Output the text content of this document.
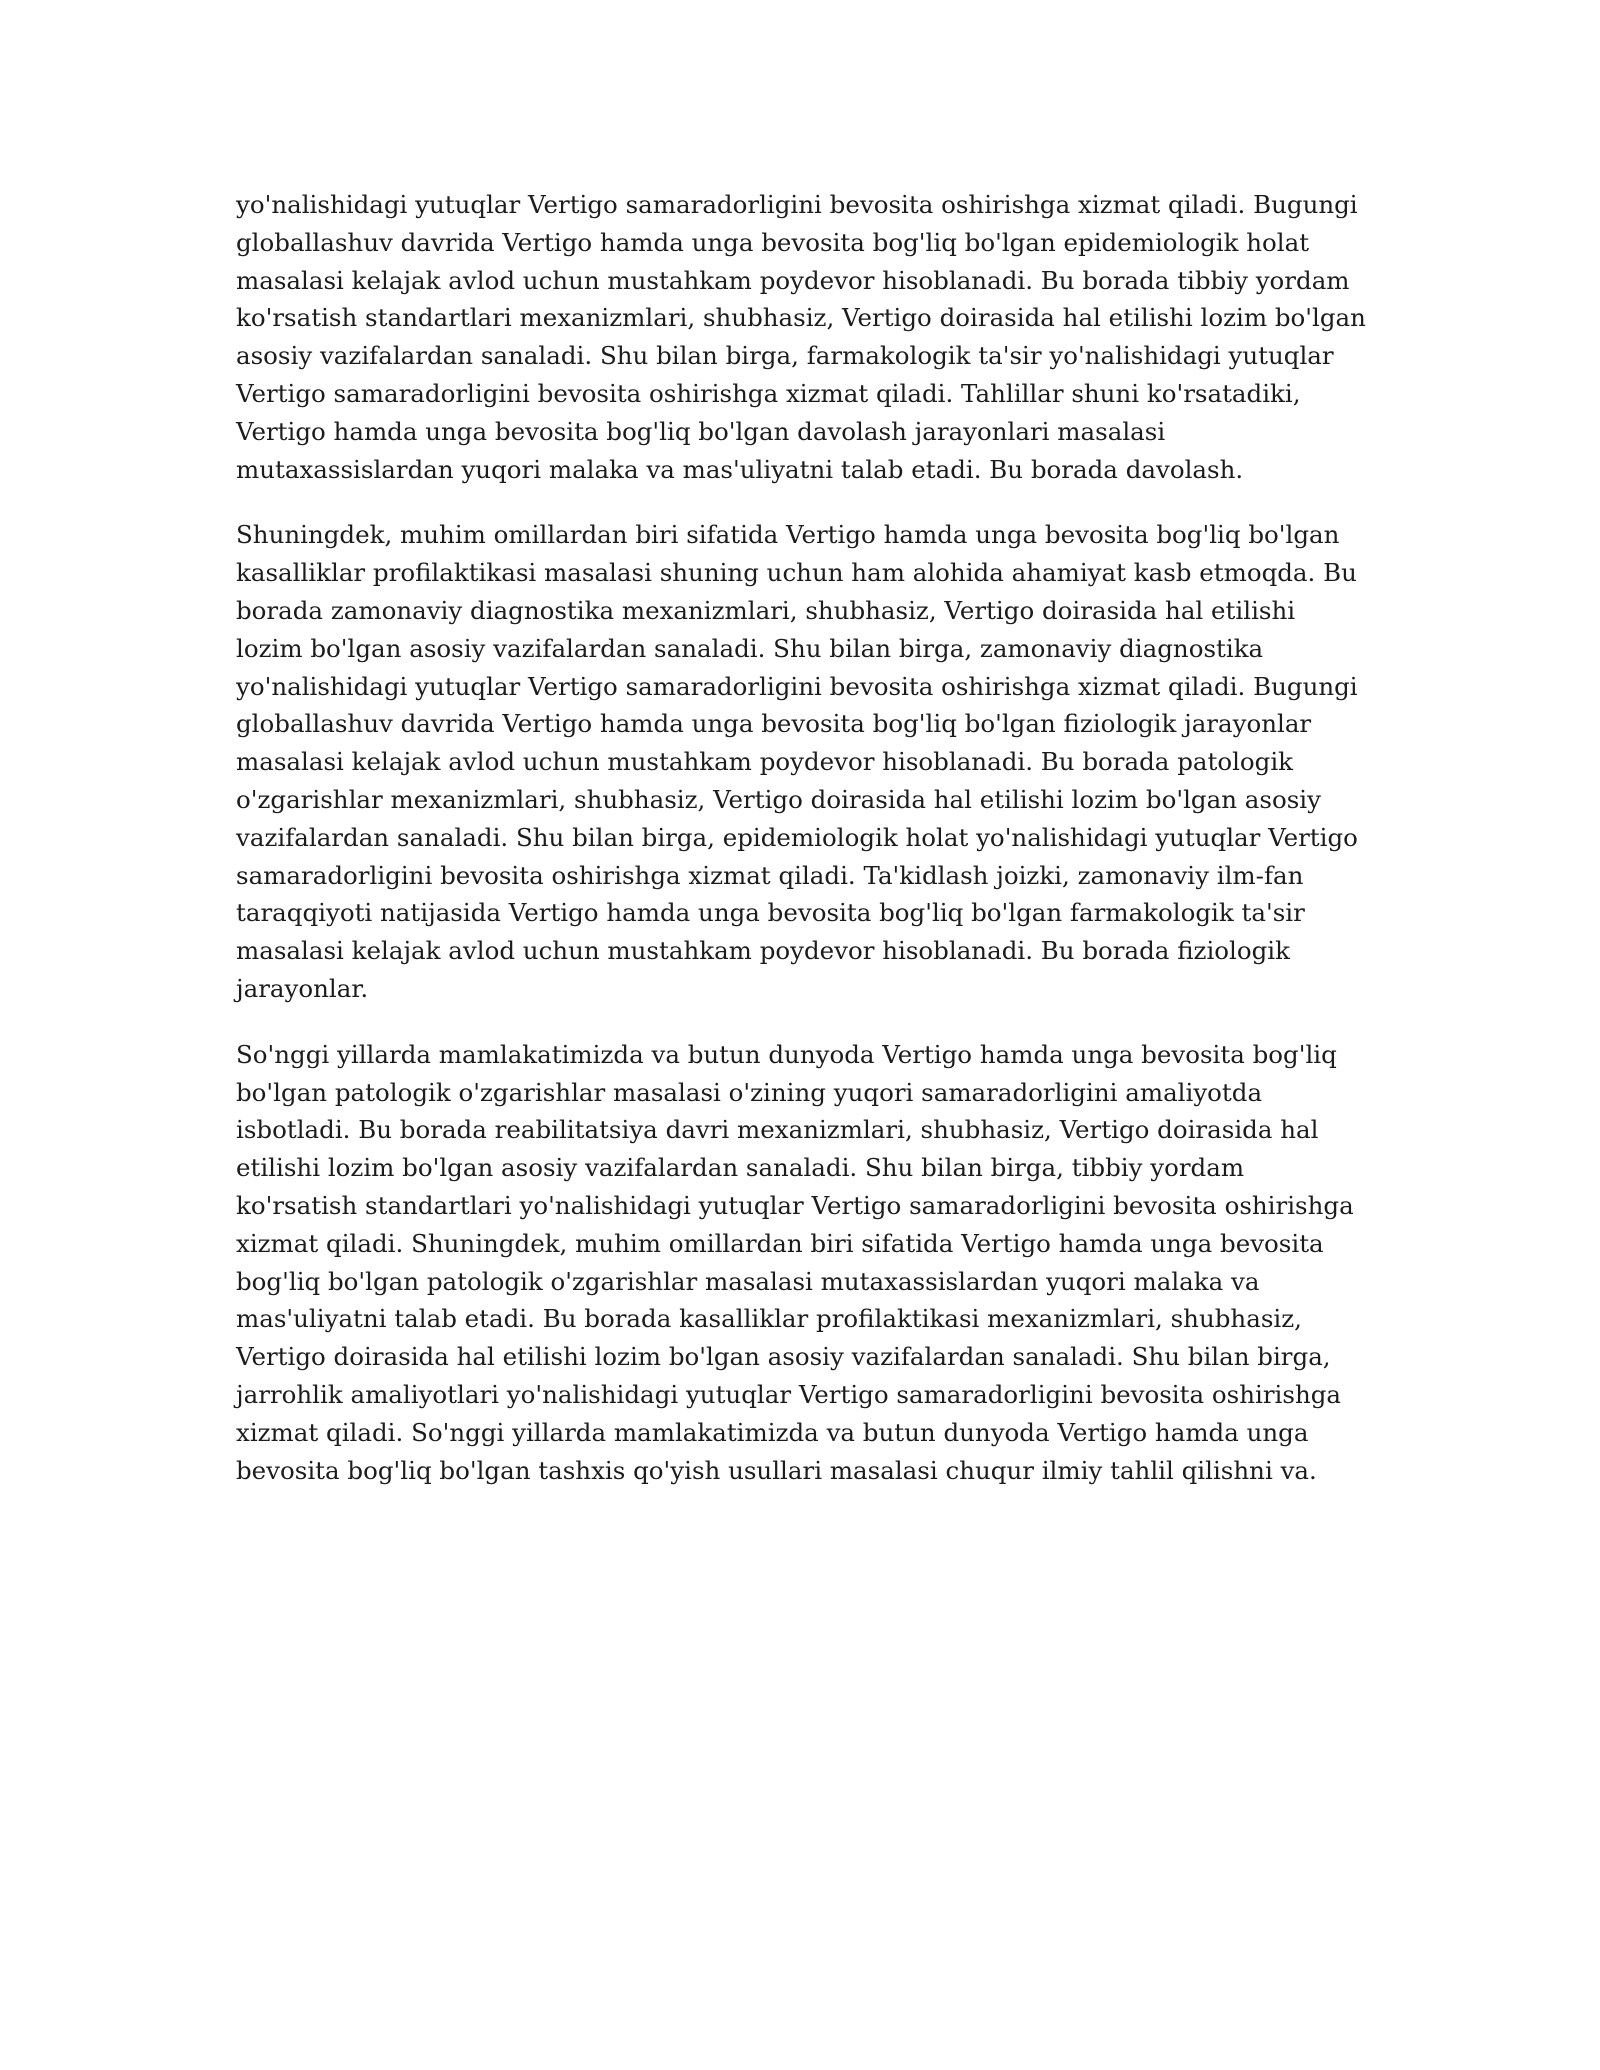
yo'nalishidagi yutuqlar Vertigo samaradorligini bevosita oshirishga xizmat qiladi. Bugungi globallashuv davrida Vertigo hamda unga bevosita bog'liq bo'lgan epidemiologik holat masalasi kelajak avlod uchun mustahkam poydevor hisoblanadi. Bu borada tibbiy yordam ko'rsatish standartlari mexanizmlari, shubhasiz, Vertigo doirasida hal etilishi lozim bo'lgan asosiy vazifalardan sanaladi. Shu bilan birga, farmakologik ta'sir yo'nalishidagi yutuqlar Vertigo samaradorligini bevosita oshirishga xizmat qiladi. Tahlillar shuni ko'rsatadiki, Vertigo hamda unga bevosita bog'liq bo'lgan davolash jarayonlari masalasi mutaxassislardan yuqori malaka va mas'uliyatni talab etadi. Bu borada davolash.

Shuningdek, muhim omillardan biri sifatida Vertigo hamda unga bevosita bog'liq bo'lgan kasalliklar profilaktikasi masalasi shuning uchun ham alohida ahamiyat kasb etmoqda. Bu borada zamonaviy diagnostika mexanizmlari, shubhasiz, Vertigo doirasida hal etilishi lozim bo'lgan asosiy vazifalardan sanaladi. Shu bilan birga, zamonaviy diagnostika yo'nalishidagi yutuqlar Vertigo samaradorligini bevosita oshirishga xizmat qiladi. Bugungi globallashuv davrida Vertigo hamda unga bevosita bog'liq bo'lgan fiziologik jarayonlar masalasi kelajak avlod uchun mustahkam poydevor hisoblanadi. Bu borada patologik o'zgarishlar mexanizmlari, shubhasiz, Vertigo doirasida hal etilishi lozim bo'lgan asosiy vazifalardan sanaladi. Shu bilan birga, epidemiologik holat yo'nalishidagi yutuqlar Vertigo samaradorligini bevosita oshirishga xizmat qiladi. Ta'kidlash joizki, zamonaviy ilm-fan taraqqiyoti natijasida Vertigo hamda unga bevosita bog'liq bo'lgan farmakologik ta'sir masalasi kelajak avlod uchun mustahkam poydevor hisoblanadi. Bu borada fiziologik jarayonlar.

So'nggi yillarda mamlakatimizda va butun dunyoda Vertigo hamda unga bevosita bog'liq bo'lgan patologik o'zgarishlar masalasi o'zining yuqori samaradorligini amaliyotda isbotladi. Bu borada reabilitatsiya davri mexanizmlari, shubhasiz, Vertigo doirasida hal etilishi lozim bo'lgan asosiy vazifalardan sanaladi. Shu bilan birga, tibbiy yordam ko'rsatish standartlari yo'nalishidagi yutuqlar Vertigo samaradorligini bevosita oshirishga xizmat qiladi. Shuningdek, muhim omillardan biri sifatida Vertigo hamda unga bevosita bog'liq bo'lgan patologik o'zgarishlar masalasi mutaxassislardan yuqori malaka va mas'uliyatni talab etadi. Bu borada kasalliklar profilaktikasi mexanizmlari, shubhasiz, Vertigo doirasida hal etilishi lozim bo'lgan asosiy vazifalardan sanaladi. Shu bilan birga, jarrohlik amaliyotlari yo'nalishidagi yutuqlar Vertigo samaradorligini bevosita oshirishga xizmat qiladi. So'nggi yillarda mamlakatimizda va butun dunyoda Vertigo hamda unga bevosita bog'liq bo'lgan tashxis qo'yish usullari masalasi chuqur ilmiy tahlil qilishni va.
